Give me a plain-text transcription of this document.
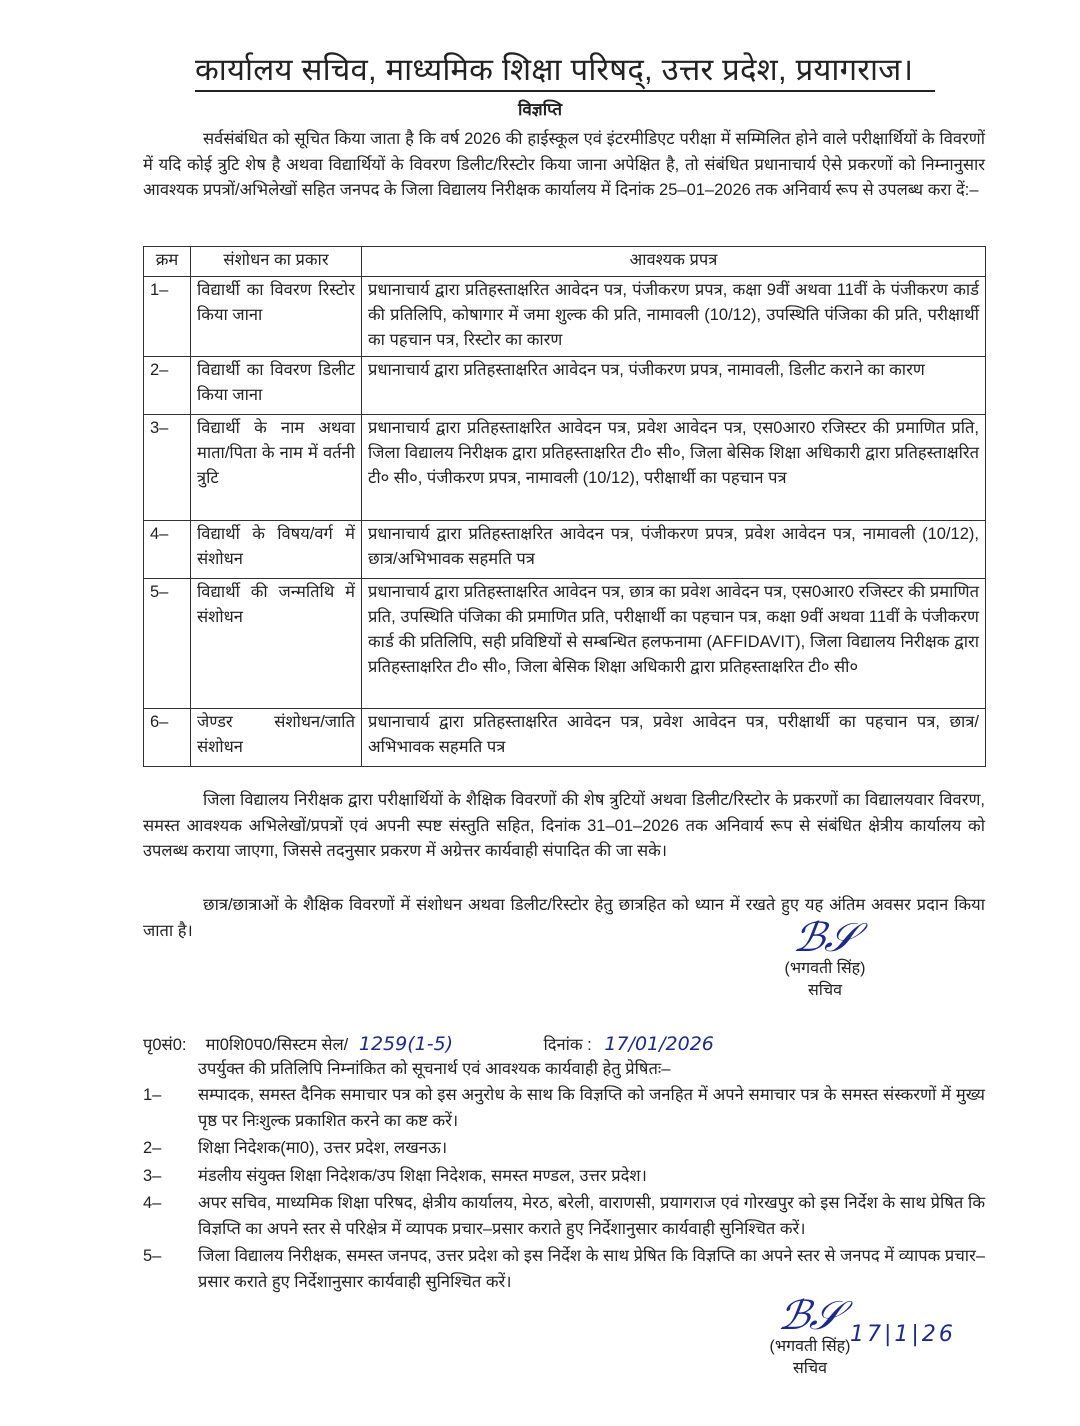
कार्यालय सचिव, माध्यमिक शिक्षा परिषद्, उत्तर प्रदेश, प्रयागराज।
विज्ञप्ति
सर्वसंबंधित को सूचित किया जाता है कि वर्ष 2026 की हाईस्कूल एवं इंटरमीडिएट परीक्षा में सम्मिलित होने वाले परीक्षार्थियों के विवरणों में यदि कोई त्रुटि शेष है अथवा विद्यार्थियों के विवरण डिलीट/रिस्टोर किया जाना अपेक्षित है, तो संबंधित प्रधानाचार्य ऐसे प्रकरणों को निम्नानुसार आवश्यक प्रपत्रों/अभिलेखों सहित जनपद के जिला विद्यालय निरीक्षक कार्यालय में दिनांक 25–01–2026 तक अनिवार्य रूप से उपलब्ध करा दें:–
क्रम	संशोधन का प्रकार	आवश्यक प्रपत्र
1–	विद्यार्थी का विवरण रिस्टोर किया जाना	प्रधानाचार्य द्वारा प्रतिहस्ताक्षरित आवेदन पत्र, पंजीकरण प्रपत्र, कक्षा 9वीं अथवा 11वीं के पंजीकरण कार्ड की प्रतिलिपि, कोषागार में जमा शुल्क की प्रति, नामावली (10/12), उपस्थिति पंजिका की प्रति, परीक्षार्थी का पहचान पत्र, रिस्टोर का कारण
2–	विद्यार्थी का विवरण डिलीट किया जाना	प्रधानाचार्य द्वारा प्रतिहस्ताक्षरित आवेदन पत्र, पंजीकरण प्रपत्र, नामावली, डिलीट कराने का कारण
3–	विद्यार्थी के नाम अथवा माता/पिता के नाम में वर्तनी त्रुटि	प्रधानाचार्य द्वारा प्रतिहस्ताक्षरित आवेदन पत्र, प्रवेश आवेदन पत्र, एस0आर0 रजिस्टर की प्रमाणित प्रति, जिला विद्यालय निरीक्षक द्वारा प्रतिहस्ताक्षरित टी० सी०, जिला बेसिक शिक्षा अधिकारी द्वारा प्रतिहस्ताक्षरित टी० सी०, पंजीकरण प्रपत्र, नामावली (10/12), परीक्षार्थी का पहचान पत्र
4–	विद्यार्थी के विषय/वर्ग में संशोधन	प्रधानाचार्य द्वारा प्रतिहस्ताक्षरित आवेदन पत्र, पंजीकरण प्रपत्र, प्रवेश आवेदन पत्र, नामावली (10/12), छात्र/अभिभावक सहमति पत्र
5–	विद्यार्थी की जन्मतिथि में संशोधन	प्रधानाचार्य द्वारा प्रतिहस्ताक्षरित आवेदन पत्र, छात्र का प्रवेश आवेदन पत्र, एस0आर0 रजिस्टर की प्रमाणित प्रति, उपस्थिति पंजिका की प्रमाणित प्रति, परीक्षार्थी का पहचान पत्र, कक्षा 9वीं अथवा 11वीं के पंजीकरण कार्ड की प्रतिलिपि, सही प्रविष्टियों से सम्बन्धित हलफनामा (AFFIDAVIT), जिला विद्यालय निरीक्षक द्वारा प्रतिहस्ताक्षरित टी० सी०, जिला बेसिक शिक्षा अधिकारी द्वारा प्रतिहस्ताक्षरित टी० सी०
6–	जेण्डर संशोधन/जाति संशोधन	प्रधानाचार्य द्वारा प्रतिहस्ताक्षरित आवेदन पत्र, प्रवेश आवेदन पत्र, परीक्षार्थी का पहचान पत्र, छात्र/अभिभावक सहमति पत्र
जिला विद्यालय निरीक्षक द्वारा परीक्षार्थियों के शैक्षिक विवरणों की शेष त्रुटियों अथवा डिलीट/रिस्टोर के प्रकरणों का विद्यालयवार विवरण, समस्त आवश्यक अभिलेखों/प्रपत्रों एवं अपनी स्पष्ट संस्तुति सहित, दिनांक 31–01–2026 तक अनिवार्य रूप से संबंधित क्षेत्रीय कार्यालय को उपलब्ध कराया जाएगा, जिससे तदनुसार प्रकरण में अग्रेत्तर कार्यवाही संपादित की जा सके।
छात्र/छात्राओं के शैक्षिक विवरणों में संशोधन अथवा डिलीट/रिस्टोर हेतु छात्रहित को ध्यान में रखते हुए यह अंतिम अवसर प्रदान किया जाता है।	ℬ𝒮
(भगवती सिंह)
सचिव
पृ0सं0: मा0शि0प0/सिस्टम सेल/ 1259(1-5)	दिनांक : 17/01/2026
उपर्युक्त की प्रतिलिपि निम्नांकित को सूचनार्थ एवं आवश्यक कार्यवाही हेतु प्रेषितः–
1–	सम्पादक, समस्त दैनिक समाचार पत्र को इस अनुरोध के साथ कि विज्ञप्ति को जनहित में अपने समाचार पत्र के समस्त संस्करणों में मुख्य पृष्ठ पर निःशुल्क प्रकाशित करने का कष्ट करें।
2–	शिक्षा निदेशक(मा0), उत्तर प्रदेश, लखनऊ।
3–	मंडलीय संयुक्त शिक्षा निदेशक/उप शिक्षा निदेशक, समस्त मण्डल, उत्तर प्रदेश।
4–	अपर सचिव, माध्यमिक शिक्षा परिषद, क्षेत्रीय कार्यालय, मेरठ, बरेली, वाराणसी, प्रयागराज एवं गोरखपुर को इस निर्देश के साथ प्रेषित कि विज्ञप्ति का अपने स्तर से परिक्षेत्र में व्यापक प्रचार–प्रसार कराते हुए निर्देशानुसार कार्यवाही सुनिश्चित करें।
5–	जिला विद्यालय निरीक्षक, समस्त जनपद, उत्तर प्रदेश को इस निर्देश के साथ प्रेषित कि विज्ञप्ति का अपने स्तर से जनपद में व्यापक प्रचार–प्रसार कराते हुए निर्देशानुसार कार्यवाही सुनिश्चित करें।
ℬ𝒮
(भगवती सिंह)
सचिव
17|1|26
